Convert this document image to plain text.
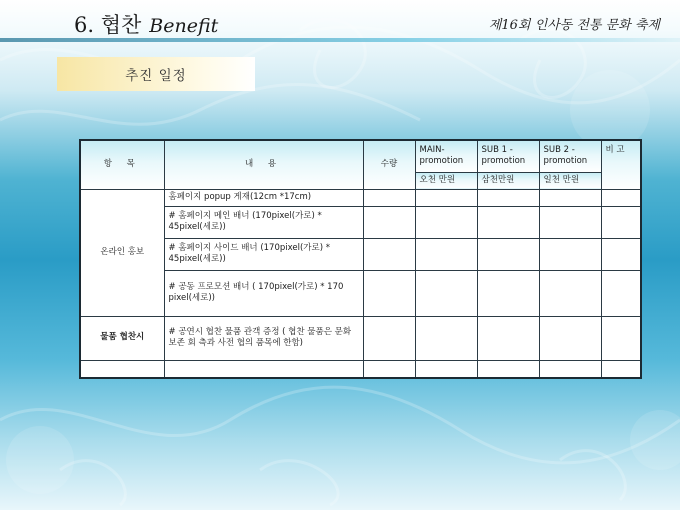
6. 협찬 Benefit	제16회 인사동 전통 문화 축제
추진 일정
항 목	내 용	수량	MAIN-promotion	SUB 1 - promotion	SUB 2 - promotion	비 고
			오천 만원	삼천만원	일천 만원	
온라인 홍보	홈페이지 popup 게재(12cm *17cm)					
	# 홈페이지 메인 배너 (170pixel(가로) * 45pixel(세로))					
	# 홈페이지 사이드 배너 (170pixel(가로) * 45pixel(세로))					
	# 공동 프로모션 배너 ( 170pixel(가로) * 170 pixel(세로))					
물품 협찬시	# 공연시 협찬 물품 관객 증정 ( 협찬 물품은 문화 보존 회 측과 사전 협의 품목에 한함)					
